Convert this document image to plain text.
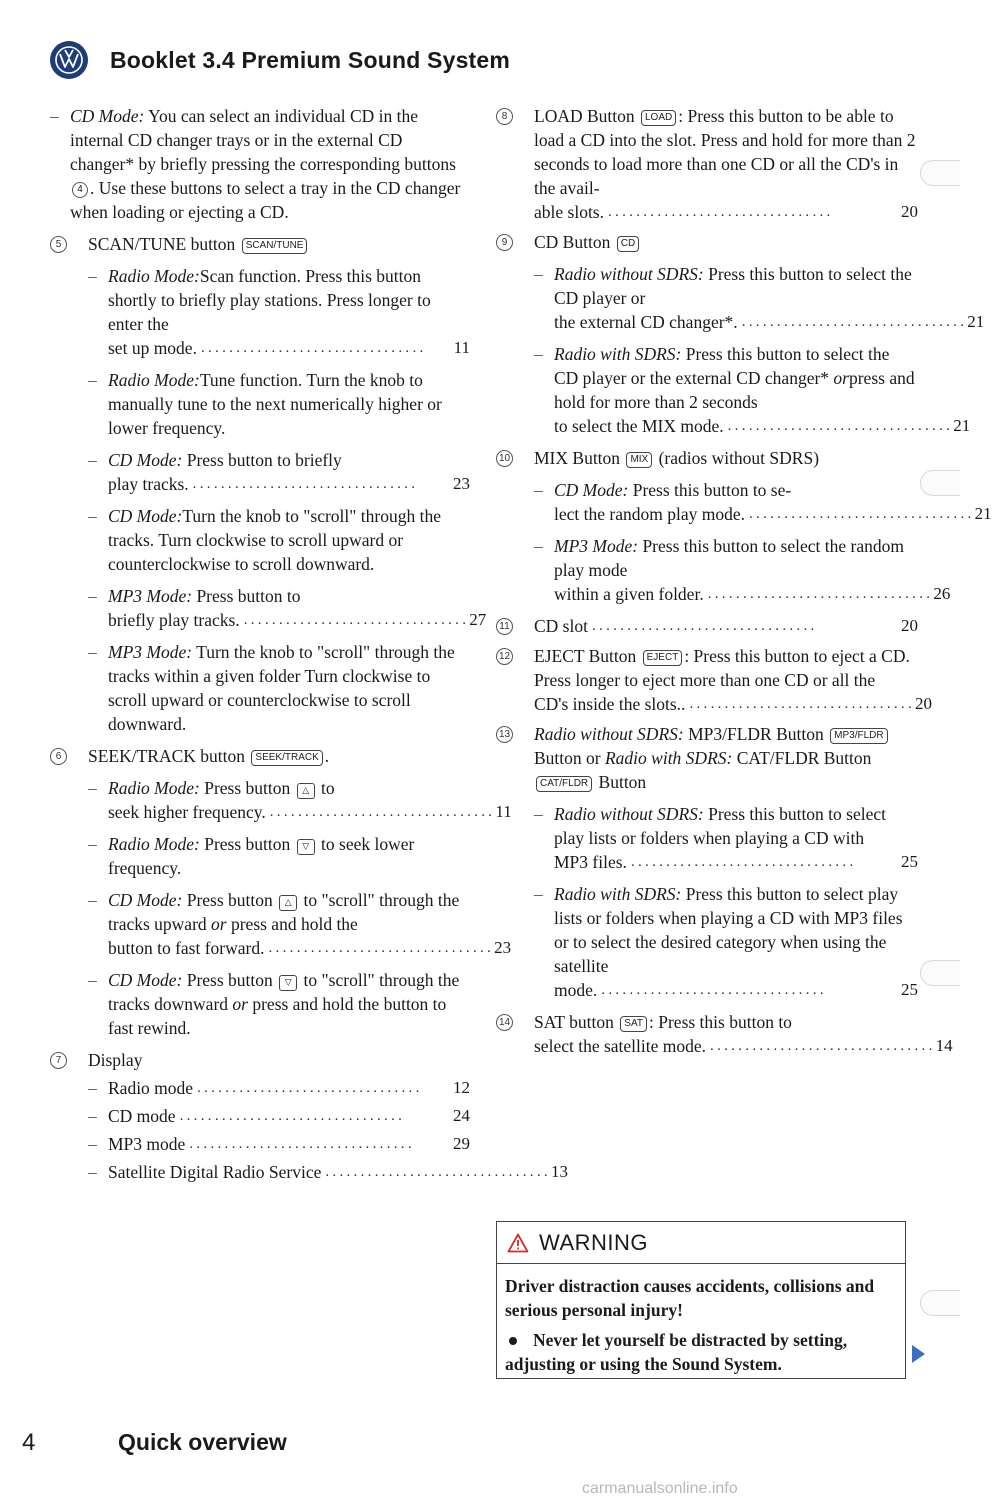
Booklet 3.4 Premium Sound System
– CD Mode: You can select an individual CD in the internal CD changer trays or in the external CD changer* by briefly pressing the corresponding buttons 4 . Use these buttons to select a tray in the CD changer when loading or ejecting a CD.
5	SCAN/TUNE button SCAN/TUNE
– Radio Mode:Scan function. Press this button shortly to briefly play stations. Press longer to enter the
set up mode. ................................	11
– Radio Mode:Tune function. Turn the knob to manually tune to the next numerically higher or lower frequency.
– CD Mode: Press button to briefly
play tracks. ................................	23
– CD Mode:Turn the knob to "scroll" through the tracks. Turn clockwise to scroll upward or counterclockwise to scroll downward.
– MP3 Mode: Press button to
briefly play tracks. ................................ 27
– MP3 Mode: Turn the knob to "scroll" through the tracks within a given folder Turn clockwise to scroll upward or counterclockwise to scroll downward.
6	SEEK/TRACK button SEEK/TRACK .
– Radio Mode: Press button △ to
seek higher frequency. ................................ 11
– Radio Mode: Press button ▽ to seek lower frequency.
– CD Mode: Press button △ to "scroll" through the tracks upward or press and hold the
button to fast forward. ................................ 23
– CD Mode: Press button ▽ to "scroll" through the tracks downward or press and hold the button to fast rewind.
7	Display
– Radio mode ................................	12
– CD mode ................................	24
– MP3 mode ................................	29
– Satellite Digital Radio Service ................................ 13
8	LOAD Button LOAD : Press this button to be able to load a CD into the slot. Press and hold for more than 2 seconds to load more than one CD or all the CD's in the avail-
able slots. ................................	20
9	CD Button CD
– Radio without SDRS: Press this button to select the CD player or
the external CD changer*. ................................ 21
– Radio with SDRS: Press this button to select the CD player or the external CD changer* orpress and hold for more than 2 seconds
to select the MIX mode. ................................ 21
10 MIX Button MIX (radios without SDRS)
– CD Mode: Press this button to se-
lect the random play mode. ................................ 21
– MP3 Mode: Press this button to select the random play mode
within a given folder. ................................ 26
11 CD slot ................................	20
12 EJECT Button EJECT : Press this button to eject a CD. Press longer to eject more than one CD or all the
CD's inside the slots.. ................................ 20
13 Radio without SDRS: MP3/FLDR Button MP3/FLDR Button or Radio with SDRS: CAT/FLDR Button CAT/FLDR Button
– Radio without SDRS: Press this button to select play lists or folders when playing a CD with
MP3 files. ................................	25
– Radio with SDRS: Press this button to select play lists or folders when playing a CD with MP3 files or to select the desired category when using the satellite
mode. ................................	25
14 SAT button SAT : Press this button to
select the satellite mode. ................................ 14
WARNING
Driver distraction causes accidents, collisions and serious personal injury!
Never let yourself be distracted by setting, adjusting or using the Sound System.
4	Quick overview
carmanualsonline.info
